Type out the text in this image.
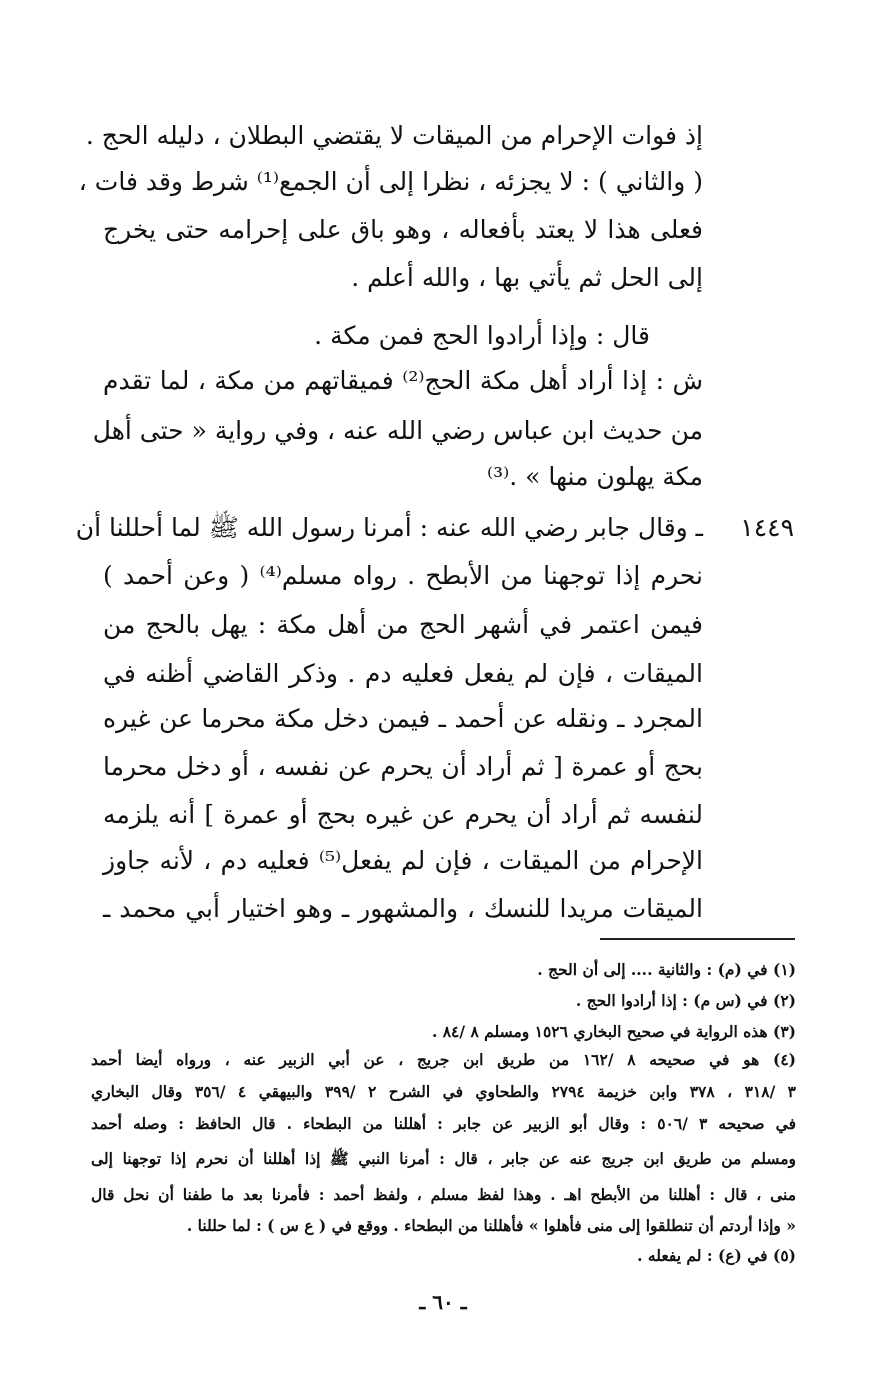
إذ فوات الإحرام من الميقات لا يقتضي البطلان ، دليله الحج .
( والثاني ) : لا يجزئه ، نظرا إلى أن الجمع⁽¹⁾ شرط وقد فات ،
فعلى هذا لا يعتد بأفعاله ، وهو باق على إحرامه حتى يخرج
إلى الحل ثم يأتي بها ، والله أعلم .
قال : وإذا أرادوا الحج فمن مكة .
ش : إذا أراد أهل مكة الحج⁽²⁾ فميقاتهم من مكة ، لما تقدم
من حديث ابن عباس رضي الله عنه ، وفي رواية « حتى أهل
مكة يهلون منها » .⁽³⁾
١٤٤٩
ـ وقال جابر رضي الله عنه : أمرنا رسول الله ﷺ لما أحللنا أن
نحرم إذا توجهنا من الأبطح . رواه مسلم⁽⁴⁾ ( وعن أحمد )
فيمن اعتمر في أشهر الحج من أهل مكة : يهل بالحج من
الميقات ، فإن لم يفعل فعليه دم . وذكر القاضي أظنه في
المجرد ـ ونقله عن أحمد ـ فيمن دخل مكة محرما عن غيره
بحج أو عمرة [ ثم أراد أن يحرم عن نفسه ، أو دخل محرما
لنفسه ثم أراد أن يحرم عن غيره بحج أو عمرة ] أنه يلزمه
الإحرام من الميقات ، فإن لم يفعل⁽⁵⁾ فعليه دم ، لأنه جاوز
الميقات مريدا للنسك ، والمشهور ـ وهو اختيار أبي محمد ـ
(١) في (م) : والثانية .... إلى أن الحج .
(٢) في (س م) : إذا أرادوا الحج .
(٣) هذه الرواية في صحيح البخاري ١٥٢٦ ومسلم ٨ /٨٤ .
(٤) هو في صحيحه ٨ /١٦٢ من طريق ابن جريج ، عن أبي الزبير عنه ، ورواه أيضا أحمد
٣ /٣١٨ ، ٣٧٨ وابن خزيمة ٢٧٩٤ والطحاوي في الشرح ٢ /٣٩٩ والبيهقي ٤ /٣٥٦ وقال البخاري
في صحيحه ٣ /٥٠٦ : وقال أبو الزبير عن جابر : أهللنا من البطحاء . قال الحافظ : وصله أحمد
ومسلم من طريق ابن جريج عنه عن جابر ، قال : أمرنا النبي ﷺ إذا أهللنا أن نحرم إذا توجهنا إلى
منى ، قال : أهللنا من الأبطح اهـ . وهذا لفظ مسلم ، ولفظ أحمد : فأمرنا بعد ما طفنا أن نحل قال
« وإذا أردتم أن تنطلقوا إلى منى فأهلوا » فأهللنا من البطحاء . ووقع في ( ع س ) : لما حللنا .
(٥) في (ع) : لم يفعله .
ـ ٦٠ ـ
